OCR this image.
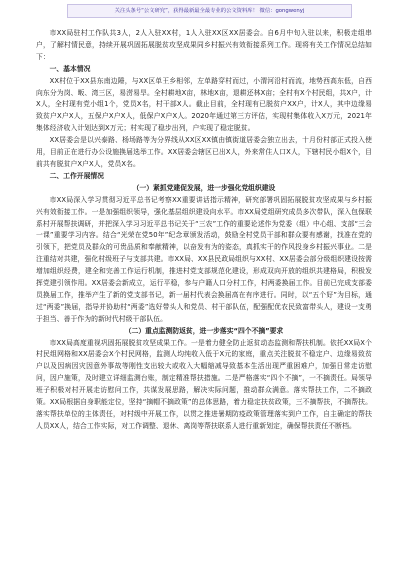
关注头条号“公文研究”，获得最新最全最专业的公文资料库！ 微信：gongwenyj

市XX局驻村工作队共3人，2人入驻XX村，1人入驻XX区XX居委会。自6月中旬入驻以来，积极走组串户，了解村情民意，持续开展巩固拓展脱贫攻坚成果同乡村振兴有效衔接系列工作。现将有关工作情况总结如下：

一、基本情况

XX村位于XX县东南边陲，与XX区单王乡相邻，左单路穿村而过，小渭河沿村而流，地势西高东低，自西向东分为岗、畈、湾三区，易涝易旱。全村耕地X亩，林地X亩，退耕还林X亩；全村有X个村民组，共X户，计X人，全村现有党小组1个，党员X名，村干部X人。截止目前，全村现有已脱贫户XX户，计X人，其中边缘易致贫户X户X人，五保户X户X人，低保户X户X人。2020年通过第三方评估，实现村集体收入X万元，2021年集体经济收入计划达到X万元；村实现了稳步出列，户实现了稳定脱贫。

XX居委会是以兴泰路、杨场路等为分界线从XX区XX镇由镇街道居委会独立出去，十月份村部正式投入使用，目前正在进行办公设施换届选举工作。XX居委会辖区已出X人，外来常住人口X人，下辖村民小组X个，目前共有脱贫户X户X人，党员X名。

二、工作开展情况

（一）紧抓党建促发展，进一步强化党组织建设

市XX局深入学习贯彻习近平总书记考察XX重要讲话指示精神，研究部署巩固拓展脱贫攻坚成果与乡村振兴有效衔接工作。一是加强组织领导，强化基层组织建设向水平。市XX局党组研究成员多次带队，深入包保联系村开展帮扶调研，并把深入学习习近平总书记关于“三农”工作的重要论述作为党委（组）中心组、支部“三会一课”重要学习内容。结合“光荣在党50年”纪念章颁发活动，鼓励全村党员干部和群众要有感谢，找准在党的引领下，把党员及群众的可贵品质和奉献精神，以奋发有为的姿态，真抓实干的作风投身乡村振兴事业。二是注重结对共建，强化村级班子与支部共建。市XX局、XX县民政局组织与XX村、XX居委会部分级组织建设按需增加组织经费，建全和完善工作运行机制，推进村党支部规范化建设，形成双向开放的组织共建格局，积极发挥党建引领作用。XX居委会新成立，运行平稳，参与户籍人口分村工作，村两委换届工作。目前已完成支部委员换届工作，推举产生了新的党支部书记，新一届村代表会换届高在有序进行。同时，以“五个好”为目标，通过“两委”换届，指导并协助村“两委”选好带头人和党员、村干部队伍，配强配优农民致富带头人，建设一支勇于担当、善于作为的新时代村级干部队伍。

（二）重点监测防返贫，进一步落实“四个不摘”要求

市XX局高度重视巩固拓展脱贫攻坚成果工作。一是着力健全防止返贫动态监测和帮扶机制。依托XX局X个村民组网格和XX居委会X个村民网格，监测人均纯收入低于X元的家庭，重点关注脱贫不稳定户、边缘易致贫户以及因病因灾因意外事故等刚性支出较大或收入大幅缩减导致基本生活出现严重困难户，加强日常走访慰问，因户施策，及时建立详细监测台账，制定精准帮扶措施。二是严格落实“四个不摘”，一不摘责任。局领导班子积极对村开展走访慰问工作，共谋发展思路，解决实际问题，推动群众满意。落实帮扶工作，二不摘政策。XX局根据自身职能定位，坚持“摘帽不摘政策”的总体思路，着力稳定扶贫政策，三不摘帮扶，不摘帮扶。落实帮扶单位的主体责任，对村级中开展工作，以贯之推进暑期防疫政策管理落实到户工作，自主确定的帮扶人员XX人，结合工作实际，对工作调整、退休、离岗等帮扶联系人进行重新划定，确保帮扶责任不断档。
